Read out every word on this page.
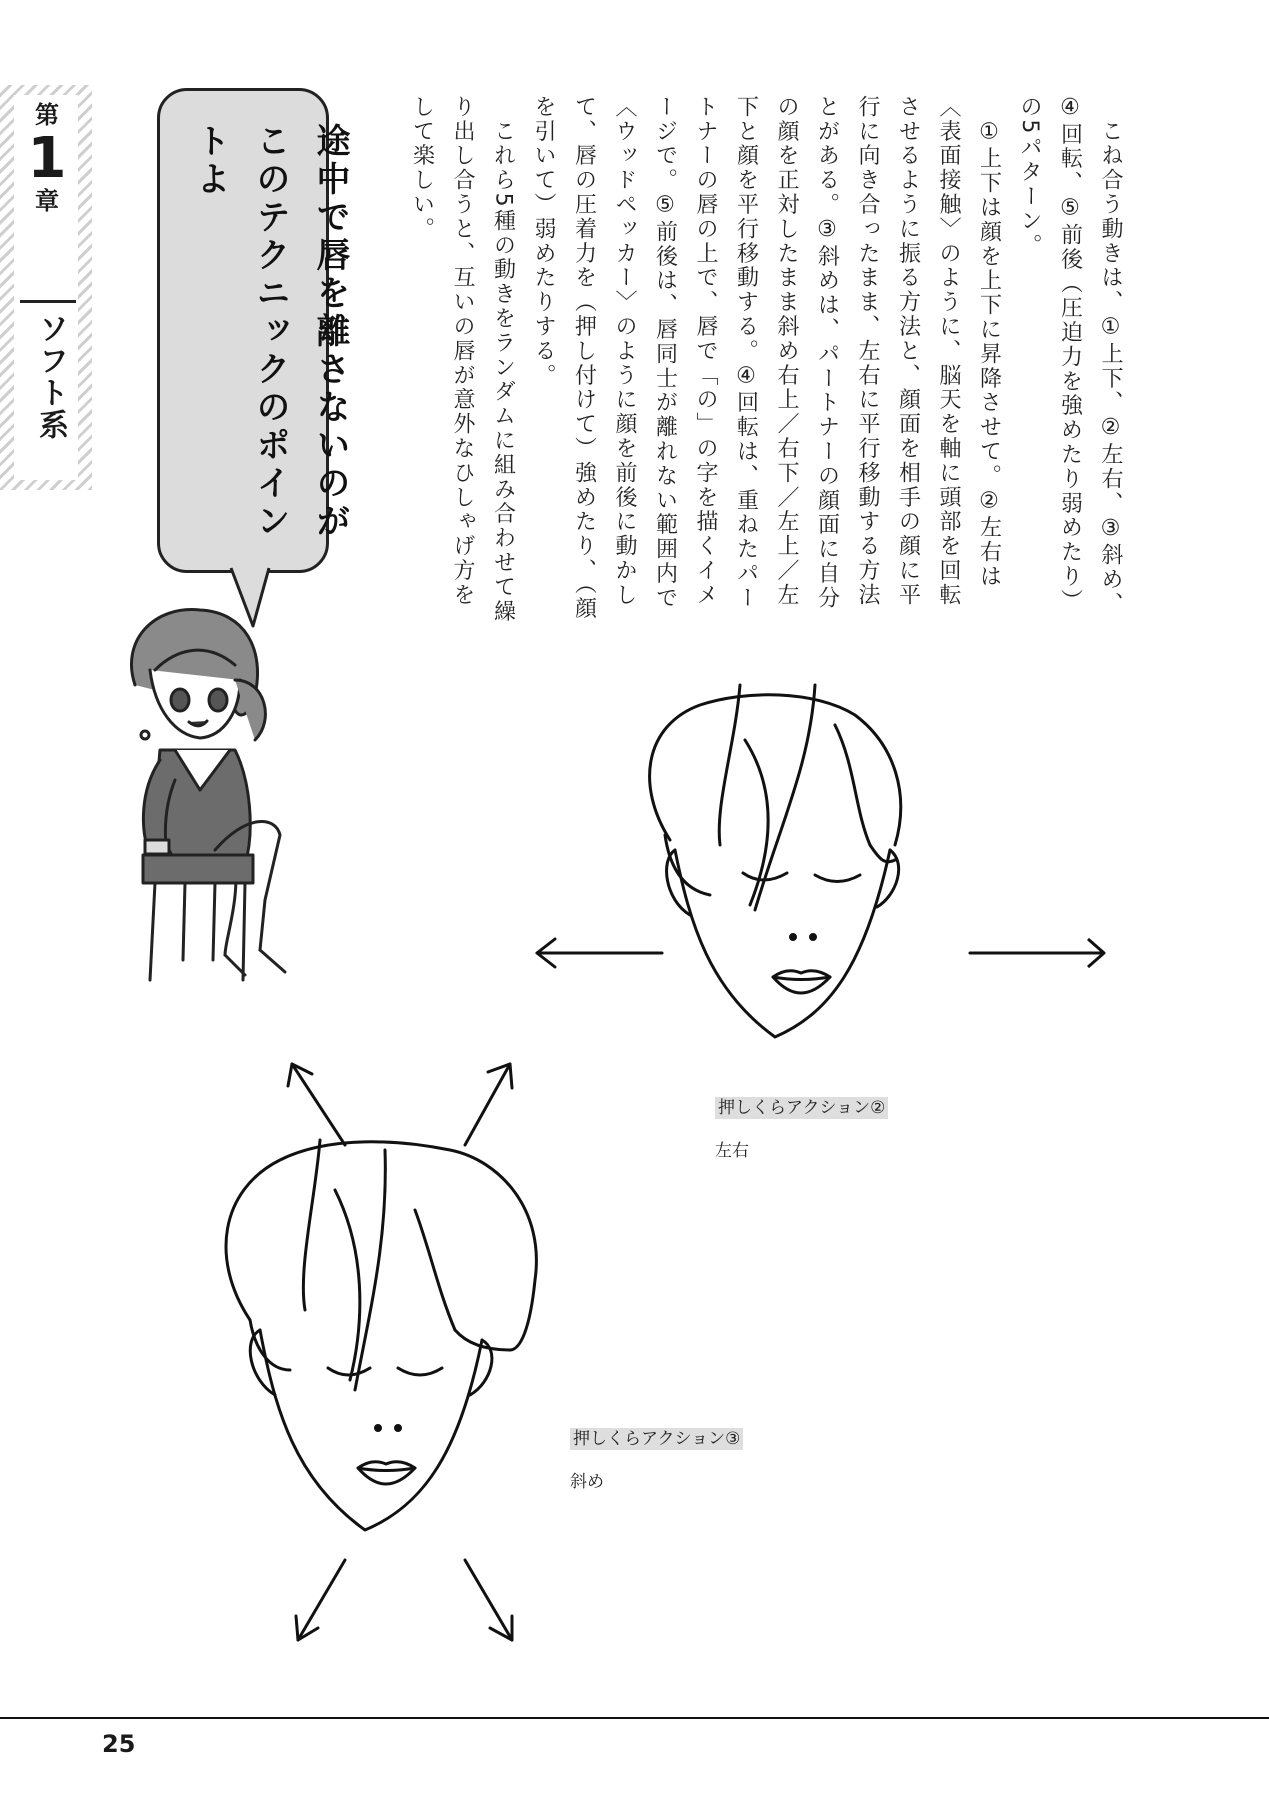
第
1
章
ソフト系	途中で唇を離さないのが
このテクニックのポイントよ	　こね合う動きは、①上下、②左右、③斜め、④回転、⑤前後（圧迫力を強めたり弱めたり）の5パターン。

　①上下は顔を上下に昇降させて。②左右は〈表面接触〉のように、脳天を軸に頭部を回転させるように振る方法と、顔面を相手の顔に平行に向き合ったまま、左右に平行移動する方法とがある。③斜めは、パートナーの顔面に自分の顔を正対したまま斜め右上／右下／左上／左下と顔を平行移動する。④回転は、重ねたパートナーの唇の上で、唇で「の」の字を描くイメージで。⑤前後は、唇同士が離れない範囲内で〈ウッドペッカー〉のように顔を前後に動かして、唇の圧着力を（押し付けて）強めたり、（顔を引いて）弱めたりする。

　これら5種の動きをランダムに組み合わせて繰り出し合うと、互いの唇が意外なひしゃげ方をして楽しい。

押しくらアクション②
左右
押しくらアクション③
斜め
25
